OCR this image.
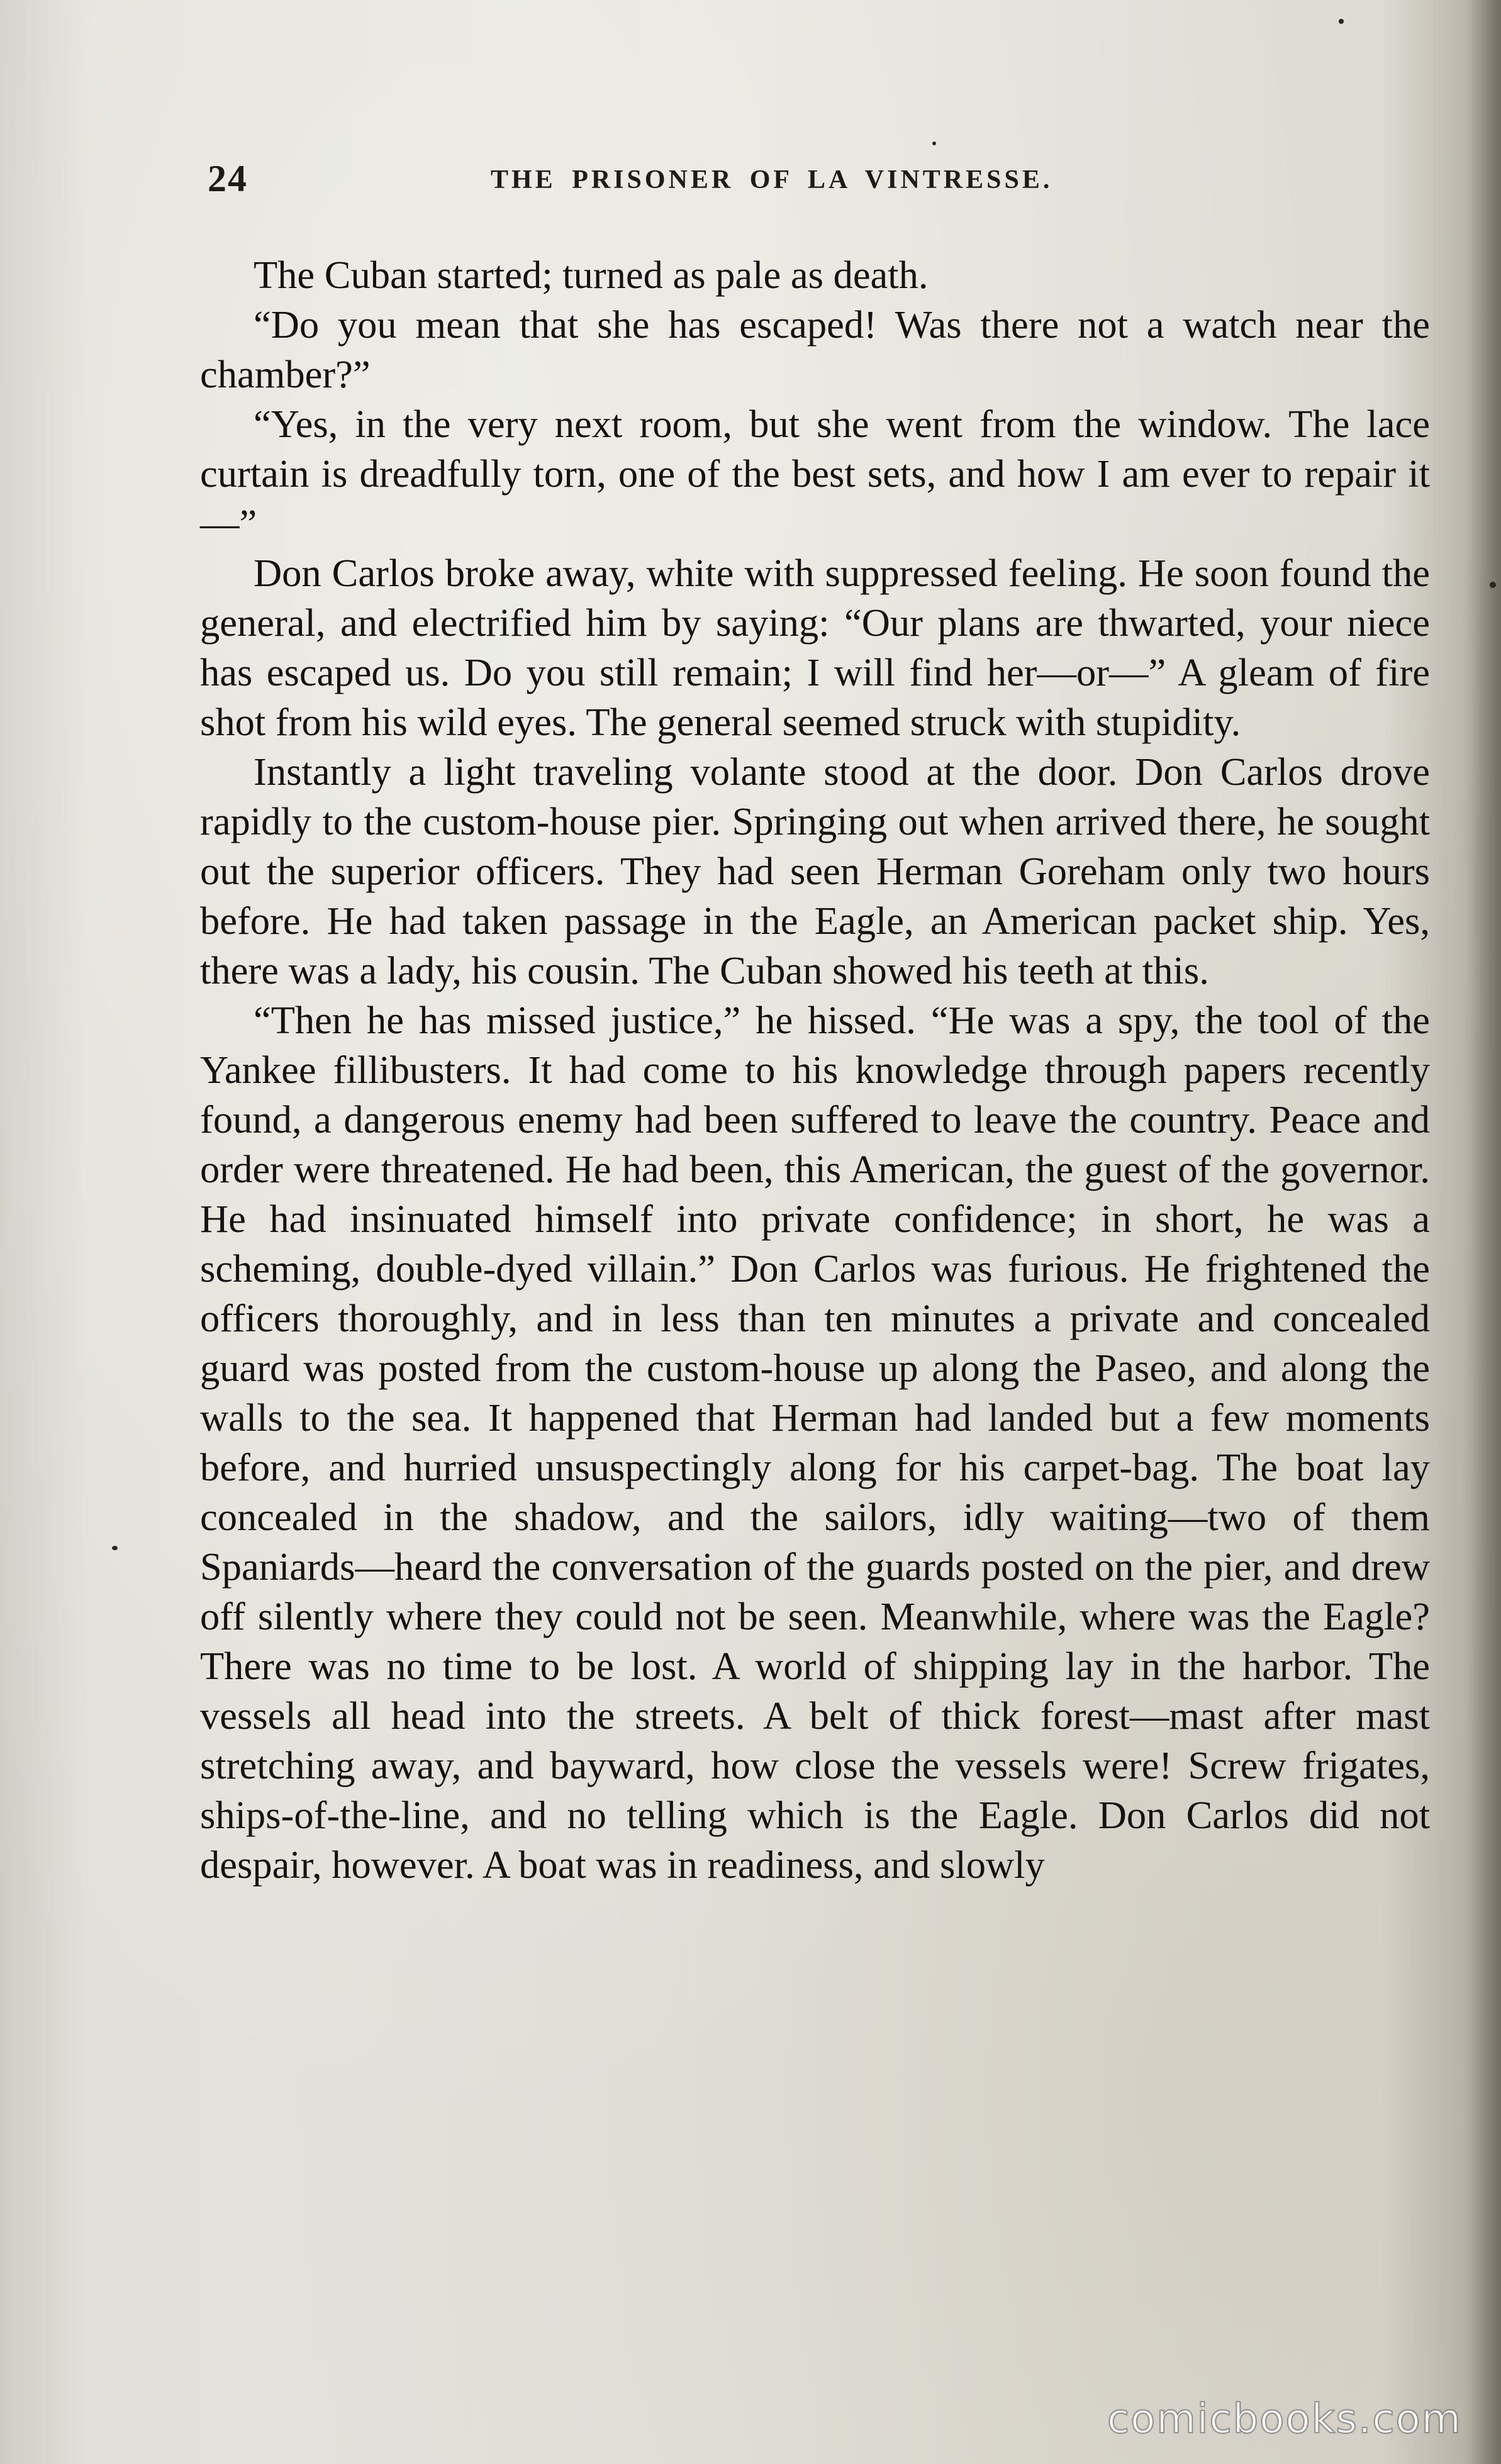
24	THE PRISONER OF LA VINTRESSE.

The Cuban started; turned as pale as death.

“Do you mean that she has escaped! Was there not a watch near the chamber?”

“Yes, in the very next room, but she went from the window. The lace curtain is dreadfully torn, one of the best sets, and how I am ever to repair it—”

Don Carlos broke away, white with suppressed feeling. He soon found the general, and electrified him by saying: “Our plans are thwarted, your niece has escaped us. Do you still remain; I will find her—or—” A gleam of fire shot from his wild eyes. The general seemed struck with stupidity.

Instantly a light traveling volante stood at the door. Don Carlos drove rapidly to the custom-house pier. Springing out when arrived there, he sought out the superior officers. They had seen Herman Goreham only two hours before. He had taken passage in the Eagle, an American packet ship. Yes, there was a lady, his cousin. The Cuban showed his teeth at this.

“Then he has missed justice,” he hissed. “He was a spy, the tool of the Yankee fillibusters. It had come to his knowledge through papers recently found, a dangerous enemy had been suffered to leave the country. Peace and order were threatened. He had been, this American, the guest of the governor. He had insinuated himself into private confidence; in short, he was a scheming, double-dyed villain.” Don Carlos was furious. He frightened the officers thoroughly, and in less than ten minutes a private and concealed guard was posted from the custom-house up along the Paseo, and along the walls to the sea. It happened that Herman had landed but a few moments before, and hurried unsuspectingly along for his carpet-bag. The boat lay concealed in the shadow, and the sailors, idly waiting—two of them Spaniards—heard the conversation of the guards posted on the pier, and drew off silently where they could not be seen. Meanwhile, where was the Eagle? There was no time to be lost. A world of shipping lay in the harbor. The vessels all head into the streets. A belt of thick forest—mast after mast stretching away, and bayward, how close the vessels were! Screw frigates, ships-of-the-line, and no telling which is the Eagle. Don Carlos did not despair, however. A boat was in readiness, and slowly

comicbooks.com
